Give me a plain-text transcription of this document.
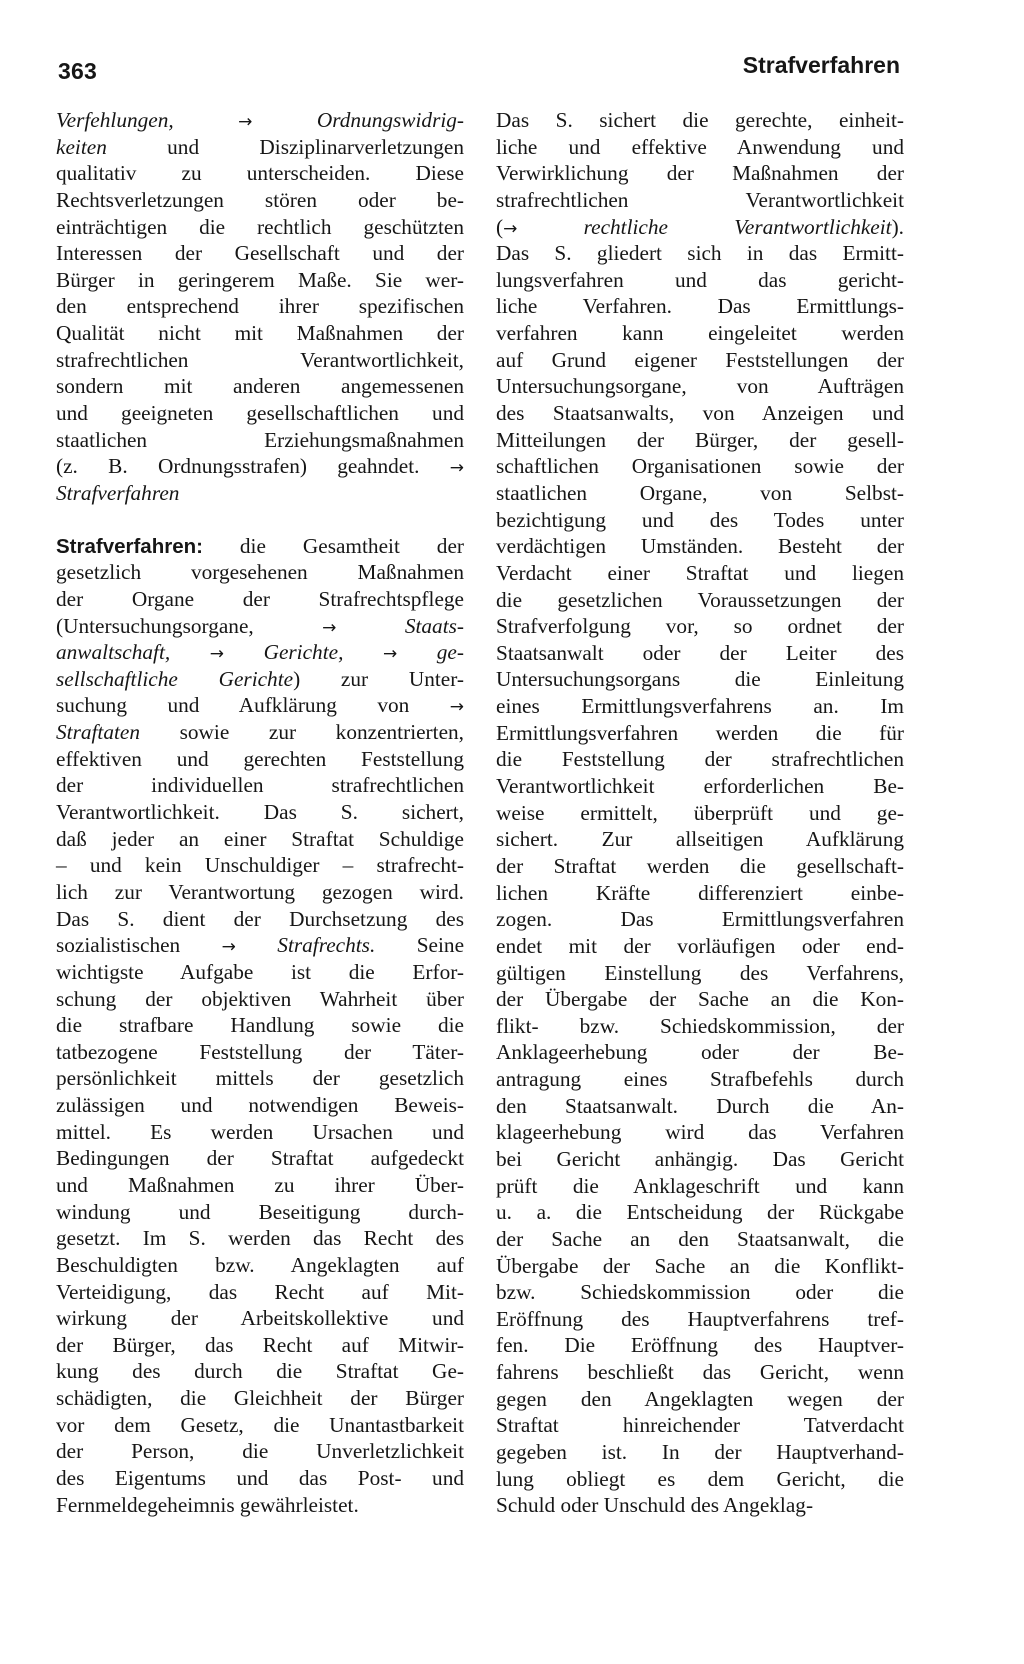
363	Strafverfahren
Verfehlungen,	→	Ordnungswidrig-
keiten und Disziplinarverletzungen
qualitativ zu unterscheiden. Diese
Rechtsverletzungen stören oder be-
einträchtigen die rechtlich geschützten
Interessen der Gesellschaft und der
Bürger in geringerem Maße. Sie wer-
den entsprechend ihrer spezifischen
Qualität nicht mit Maßnahmen der
strafrechtlichen Verantwortlichkeit,
sondern mit anderen angemessenen
und geeigneten gesellschaftlichen und
staatlichen Erziehungsmaßnahmen
(z. B. Ordnungsstrafen) geahndet. →
Strafverfahren
Strafverfahren: die Gesamtheit der
gesetzlich vorgesehenen Maßnahmen
der Organe der Strafrechtspflege
(Untersuchungsorgane, →	Staats-
anwaltschaft, → Gerichte, → ge-
sellschaftliche Gerichte) zur Unter-
suchung und Aufklärung von →
Straftaten sowie zur konzentrierten,
effektiven und gerechten Feststellung
der individuellen strafrechtlichen
Verantwortlichkeit. Das S. sichert,
daß jeder an einer Straftat Schuldige
– und kein Unschuldiger – strafrecht-
lich zur Verantwortung gezogen wird.
Das S. dient der Durchsetzung des
sozialistischen → Strafrechts. Seine
wichtigste Aufgabe ist die Erfor-
schung der objektiven Wahrheit über
die strafbare Handlung sowie die
tatbezogene Feststellung der Täter-
persönlichkeit mittels der gesetzlich
zulässigen und notwendigen Beweis-
mittel. Es werden Ursachen und
Bedingungen der Straftat aufgedeckt
und Maßnahmen zu ihrer Über-
windung und Beseitigung durch-
gesetzt. Im S. werden das Recht des
Beschuldigten bzw. Angeklagten auf
Verteidigung, das Recht auf Mit-
wirkung der Arbeitskollektive und
der Bürger, das Recht auf Mitwir-
kung des durch die Straftat Ge-
schädigten, die Gleichheit der Bürger
vor dem Gesetz, die Unantastbarkeit
der Person, die Unverletzlichkeit
des Eigentums und das Post- und
Fernmeldegeheimnis gewährleistet.
Das S. sichert die gerechte, einheit-
liche und effektive Anwendung und
Verwirklichung der Maßnahmen der
strafrechtlichen Verantwortlichkeit
(→	rechtliche Verantwortlichkeit).
Das S. gliedert sich in das Ermitt-
lungsverfahren und das gericht-
liche Verfahren. Das Ermittlungs-
verfahren kann eingeleitet werden
auf Grund eigener Feststellungen der
Untersuchungsorgane, von Aufträgen
des Staatsanwalts, von Anzeigen und
Mitteilungen der Bürger, der gesell-
schaftlichen Organisationen sowie der
staatlichen Organe, von Selbst-
bezichtigung und des Todes unter
verdächtigen Umständen. Besteht der
Verdacht einer Straftat und liegen
die gesetzlichen Voraussetzungen der
Strafverfolgung vor, so ordnet der
Staatsanwalt oder der Leiter des
Untersuchungsorgans die Einleitung
eines Ermittlungsverfahrens an. Im
Ermittlungsverfahren werden die für
die Feststellung der strafrechtlichen
Verantwortlichkeit erforderlichen Be-
weise ermittelt, überprüft und ge-
sichert. Zur allseitigen Aufklärung
der Straftat werden die gesellschaft-
lichen Kräfte differenziert einbe-
zogen. Das Ermittlungsverfahren
endet mit der vorläufigen oder end-
gültigen Einstellung des Verfahrens,
der Übergabe der Sache an die Kon-
flikt- bzw. Schiedskommission, der
Anklageerhebung oder der Be-
antragung eines Strafbefehls durch
den Staatsanwalt. Durch die An-
klageerhebung wird das Verfahren
bei Gericht anhängig. Das Gericht
prüft die Anklageschrift und kann
u. a. die Entscheidung der Rückgabe
der Sache an den Staatsanwalt, die
Übergabe der Sache an die Konflikt-
bzw. Schiedskommission oder die
Eröffnung des Hauptverfahrens tref-
fen. Die Eröffnung des Hauptver-
fahrens beschließt das Gericht, wenn
gegen den Angeklagten wegen der
Straftat hinreichender Tatverdacht
gegeben ist. In der Hauptverhand-
lung obliegt es dem Gericht, die
Schuld oder Unschuld des Angeklag-
